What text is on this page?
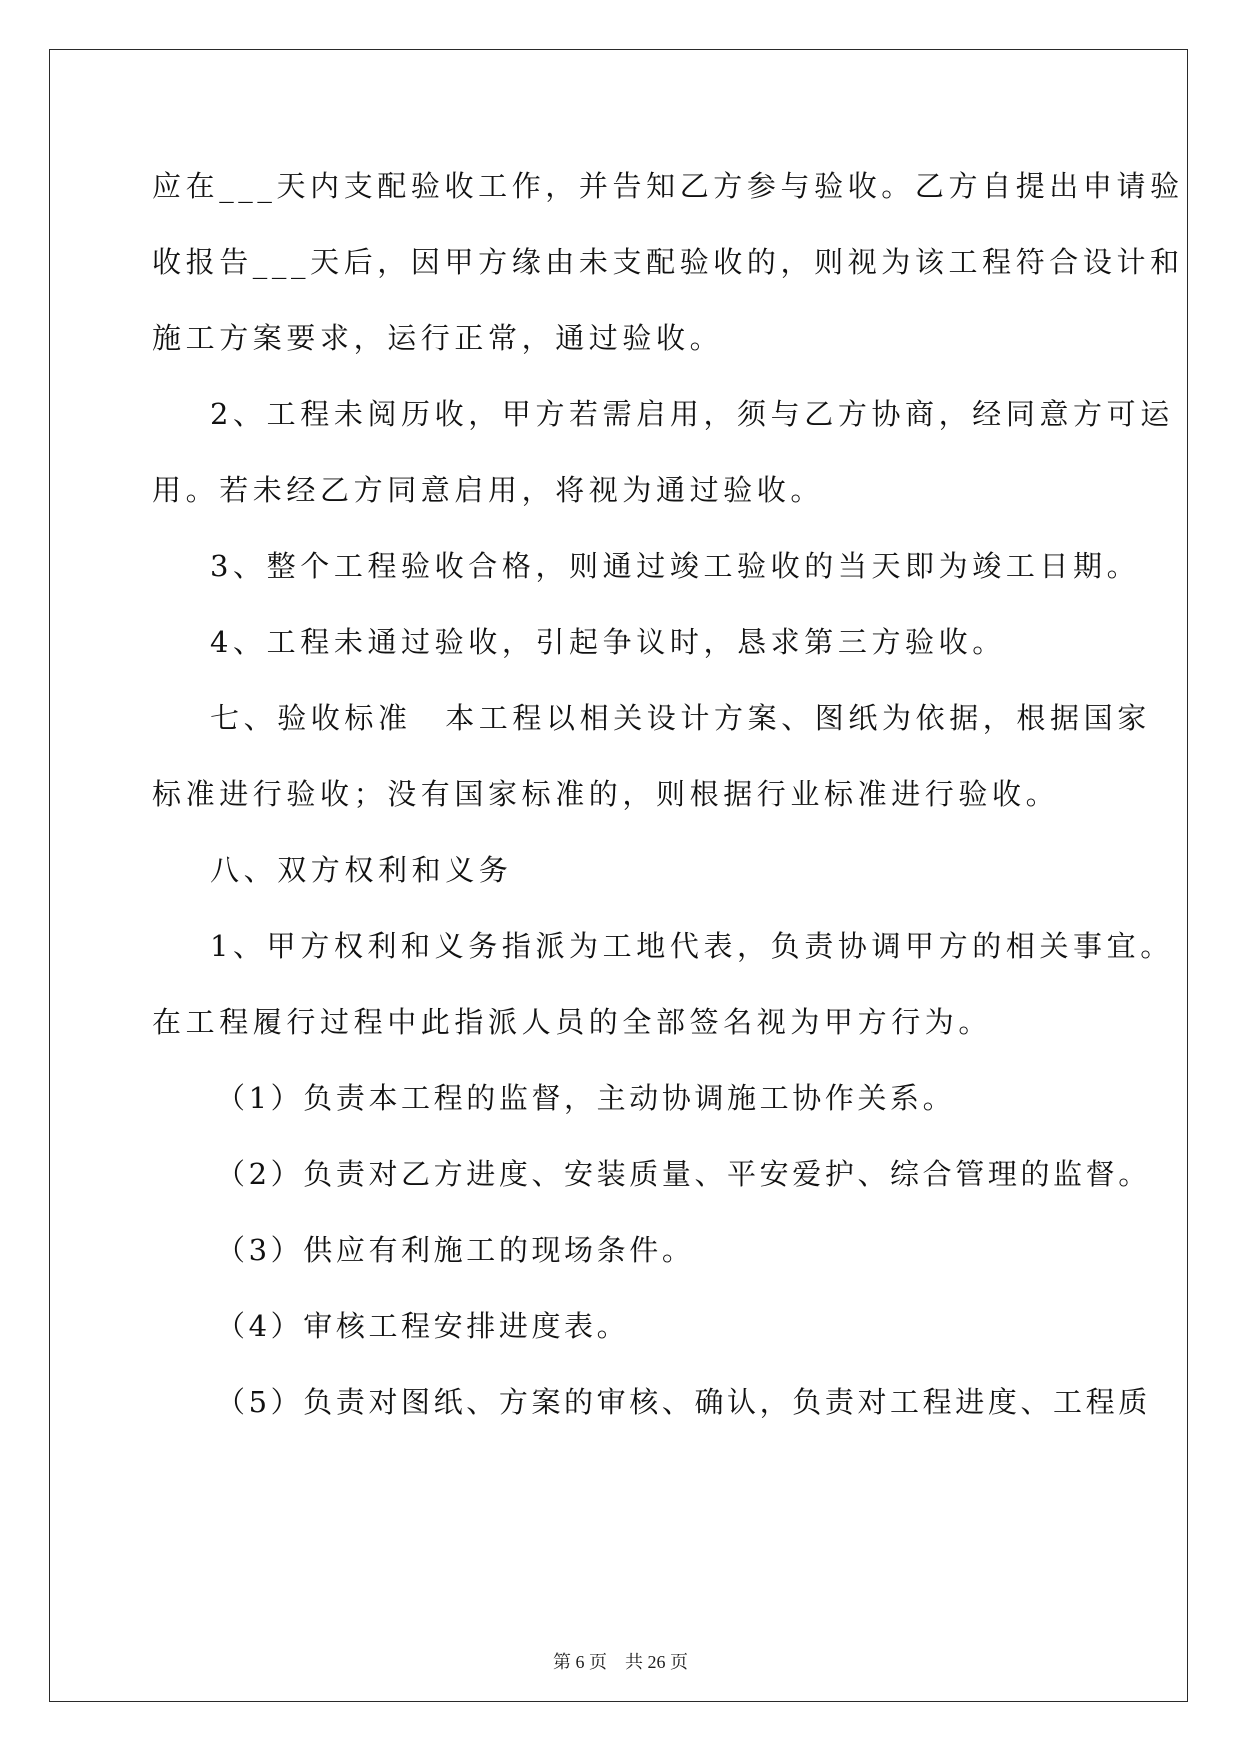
应在___天内支配验收工作，并告知乙方参与验收。乙方自提出申请验
收报告___天后，因甲方缘由未支配验收的，则视为该工程符合设计和
施工方案要求，运行正常，通过验收。
2、工程未阅历收，甲方若需启用，须与乙方协商，经同意方可运
用。若未经乙方同意启用，将视为通过验收。
3、整个工程验收合格，则通过竣工验收的当天即为竣工日期。
4、工程未通过验收，引起争议时，恳求第三方验收。
七、验收标准　本工程以相关设计方案、图纸为依据，根据国家
标准进行验收；没有国家标准的，则根据行业标准进行验收。
八、双方权利和义务
1、甲方权利和义务指派为工地代表，负责协调甲方的相关事宜。
在工程履行过程中此指派人员的全部签名视为甲方行为。
（1）负责本工程的监督，主动协调施工协作关系。
（2）负责对乙方进度、安装质量、平安爱护、综合管理的监督。
（3）供应有利施工的现场条件。
（4）审核工程安排进度表。
（5）负责对图纸、方案的审核、确认，负责对工程进度、工程质
第 6 页　共 26 页
